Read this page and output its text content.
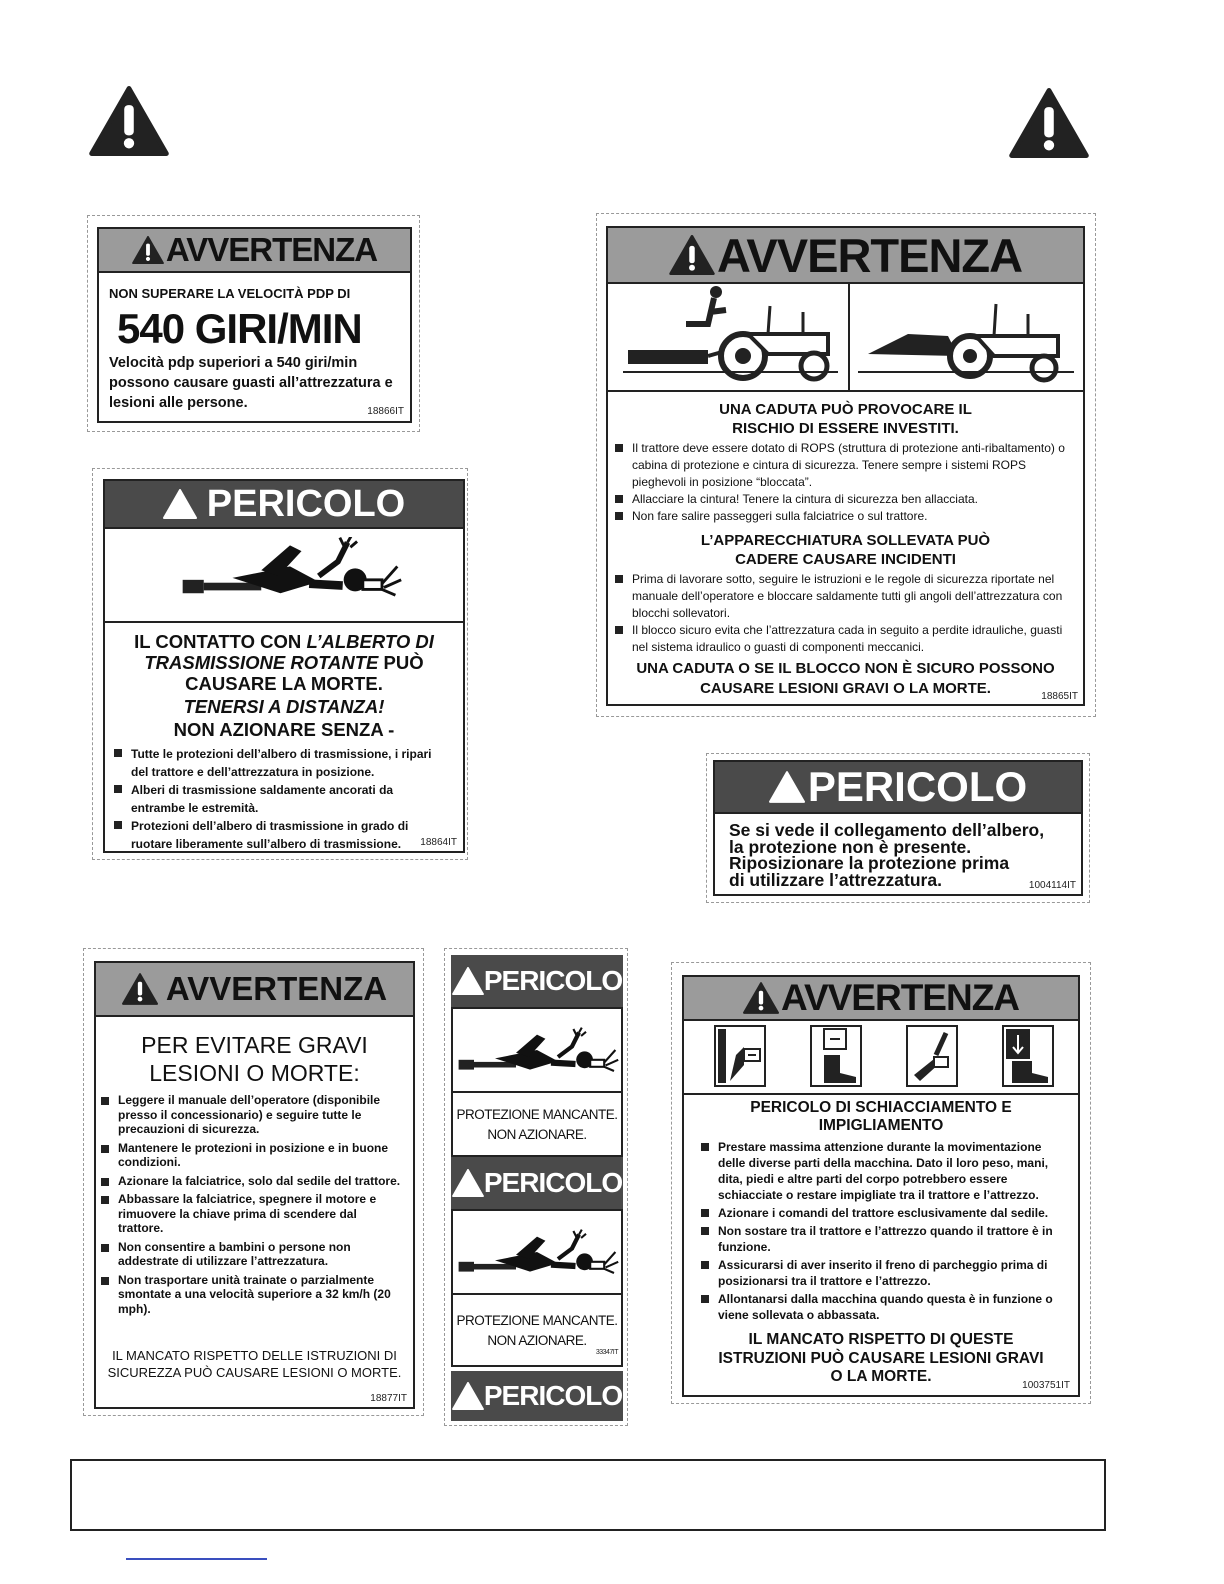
AVVERTENZA
NON SUPERARE LA VELOCITÀ PDP DI
540 GIRI/MIN
Velocità pdp superiori a 540 giri/min possono causare guasti all’attrezzatura e lesioni alle persone.
18866IT
PERICOLO
IL CONTATTO CON L’ALBERTO DI TRASMISSIONE ROTANTE PUÒ CAUSARE LA MORTE.
TENERSI A DISTANZA!
NON AZIONARE SENZA -
Tutte le protezioni dell’albero di trasmissione, i ripari del trattore e dell’attrezzatura in posizione.
Alberi di trasmissione saldamente ancorati da entrambe le estremità.
Protezioni dell’albero di trasmissione in grado di ruotare liberamente sull’albero di trasmissione.	18864IT
AVVERTENZA
UNA CADUTA PUÒ PROVOCARE IL RISCHIO DI ESSERE INVESTITI.
Il trattore deve essere dotato di ROPS (struttura di protezione anti-ribaltamento) o cabina di protezione e cintura di sicurezza. Tenere sempre i sistemi ROPS pieghevoli in posizione “bloccata”.
Allacciare la cintura! Tenere la cintura di sicurezza ben allacciata.
Non fare salire passeggeri sulla falciatrice o sul trattore.
L’APPARECCHIATURA SOLLEVATA PUÒ CADERE CAUSARE INCIDENTI
Prima di lavorare sotto, seguire le istruzioni e le regole di sicurezza riportate nel manuale dell’operatore e bloccare saldamente tutti gli angoli dell’attrezzatura con blocchi sollevatori.
Il blocco sicuro evita che l’attrezzatura cada in seguito a perdite idrauliche, guasti nel sistema idraulico o guasti di componenti meccanici.
UNA CADUTA O SE IL BLOCCO NON È SICURO POSSONO CAUSARE LESIONI GRAVI O LA MORTE.	18865IT
PERICOLO
Se si vede il collegamento dell’albero,
la protezione non è presente.
Riposizionare la protezione prima
di utilizzare l’attrezzatura.	1004114IT
AVVERTENZA
PER EVITARE GRAVI LESIONI O MORTE:
Leggere il manuale dell’operatore (disponibile presso il concessionario) e seguire tutte le precauzioni di sicurezza.
Mantenere le protezioni in posizione e in buone condizioni.
Azionare la falciatrice, solo dal sedile del trattore.
Abbassare la falciatrice, spegnere il motore e rimuovere la chiave prima di scendere dal trattore.
Non consentire a bambini o persone non addestrate di utilizzare l’attrezzatura.
Non trasportare unità trainate o parzialmente smontate a una velocità superiore a 32 km/h (20 mph).
IL MANCATO RISPETTO DELLE ISTRUZIONI DI SICUREZZA PUÒ CAUSARE LESIONI O MORTE.
18877IT
PERICOLO
PROTEZIONE MANCANTE.
NON AZIONARE.
PERICOLO
PROTEZIONE MANCANTE.
NON AZIONARE.
33347IT
PERICOLO
AVVERTENZA
PERICOLO DI SCHIACCIAMENTO E IMPIGLIAMENTO
Prestare massima attenzione durante la movimentazione delle diverse parti della macchina. Dato il loro peso, mani, dita, piedi e altre parti del corpo potrebbero essere schiacciate o restare impigliate tra il trattore e l’attrezzo.
Azionare i comandi del trattore esclusivamente dal sedile.
Non sostare tra il trattore e l’attrezzo quando il trattore è in funzione.
Assicurarsi di aver inserito il freno di parcheggio prima di posizionarsi tra il trattore e l’attrezzo.
Allontanarsi dalla macchina quando questa è in funzione o viene sollevata o abbassata.
IL MANCATO RISPETTO DI QUESTE ISTRUZIONI PUÒ CAUSARE LESIONI GRAVI O LA MORTE.
1003751IT
